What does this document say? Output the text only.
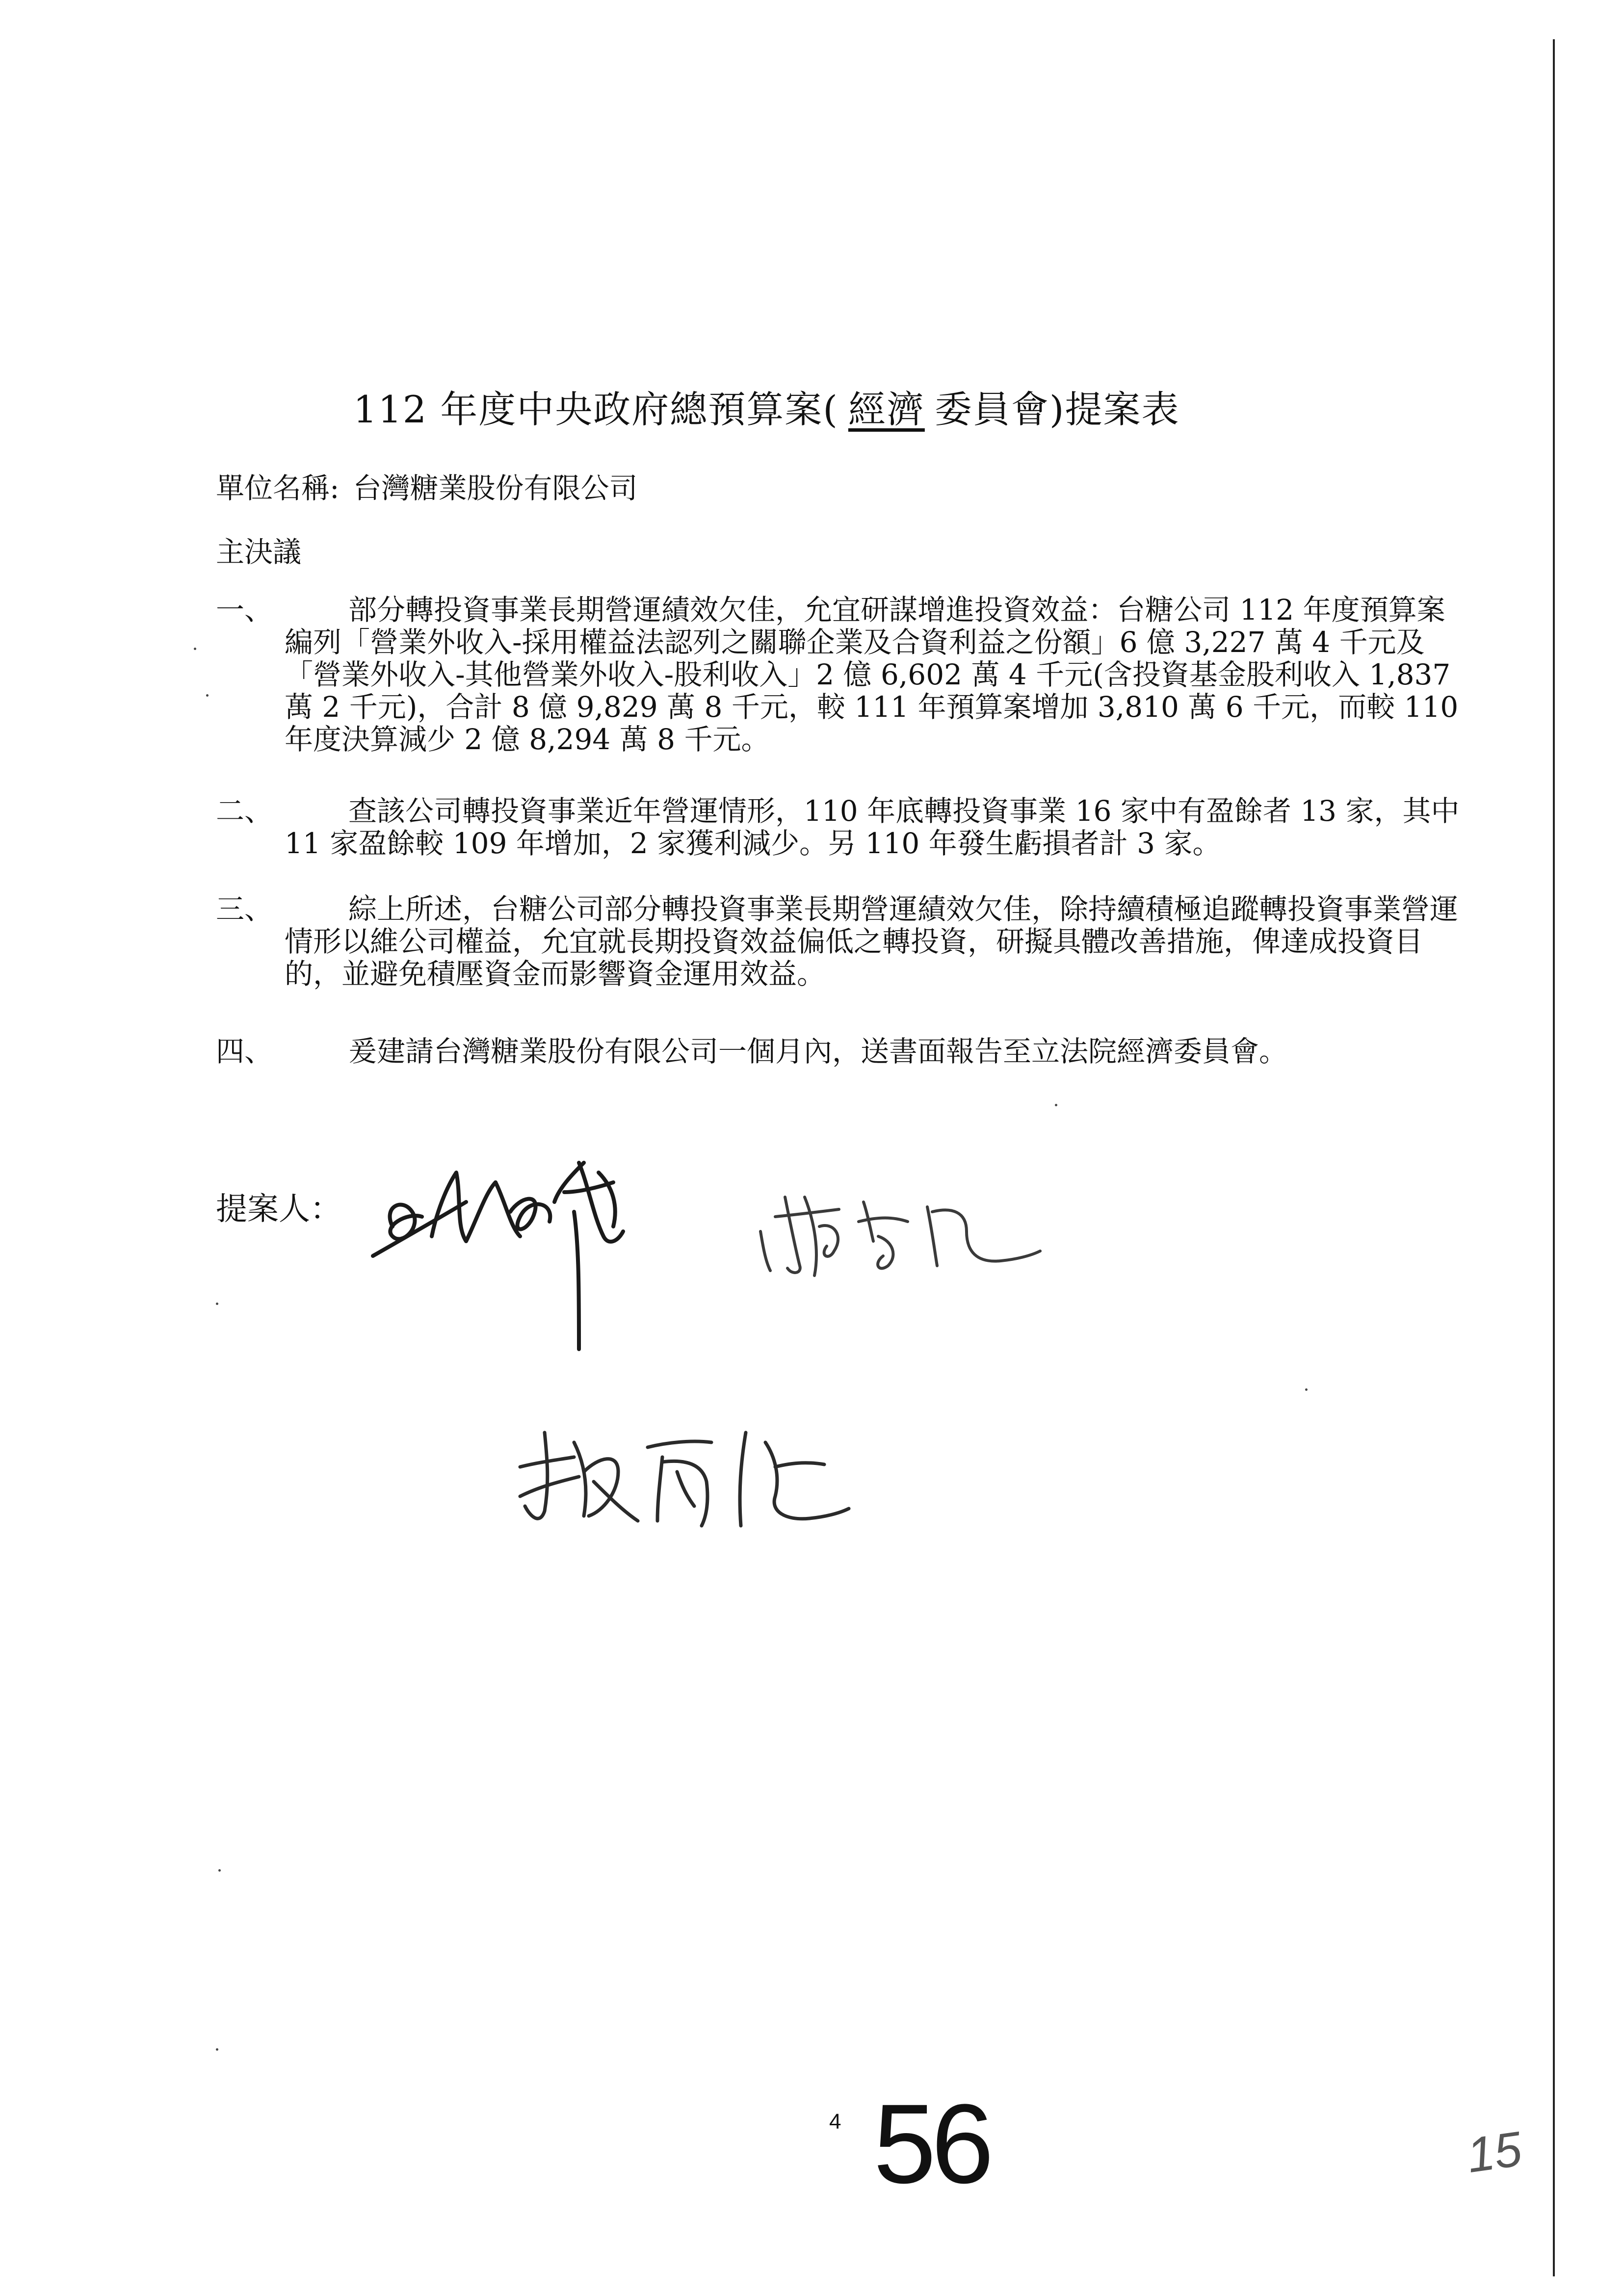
112 年度中央政府總預算案( 經濟 委員會)提案表
單位名稱: 台灣糖業股份有限公司
主決議
一、	部分轉投資事業長期營運績效欠佳，允宜研謀增進投資效益：台糖公司 112 年度預算案編列「營業外收入-採用權益法認列之關聯企業及合資利益之份額」6 億 3,227 萬 4 千元及「營業外收入-其他營業外收入-股利收入」2 億 6,602 萬 4 千元(含投資基金股利收入 1,837 萬 2 千元)，合計 8 億 9,829 萬 8 千元，較 111 年預算案增加 3,810 萬 6 千元，而較 110 年度決算減少 2 億 8,294 萬 8 千元。
二、	查該公司轉投資事業近年營運情形，110 年底轉投資事業 16 家中有盈餘者 13 家，其中 11 家盈餘較 109 年增加，2 家獲利減少。另 110 年發生虧損者計 3 家。
三、	綜上所述，台糖公司部分轉投資事業長期營運績效欠佳，除持續積極追蹤轉投資事業營運情形以維公司權益，允宜就長期投資效益偏低之轉投資，研擬具體改善措施，俾達成投資目的，並避免積壓資金而影響資金運用效益。
四、	爰建請台灣糖業股份有限公司一個月內，送書面報告至立法院經濟委員會。
提案人：
4 56	15
